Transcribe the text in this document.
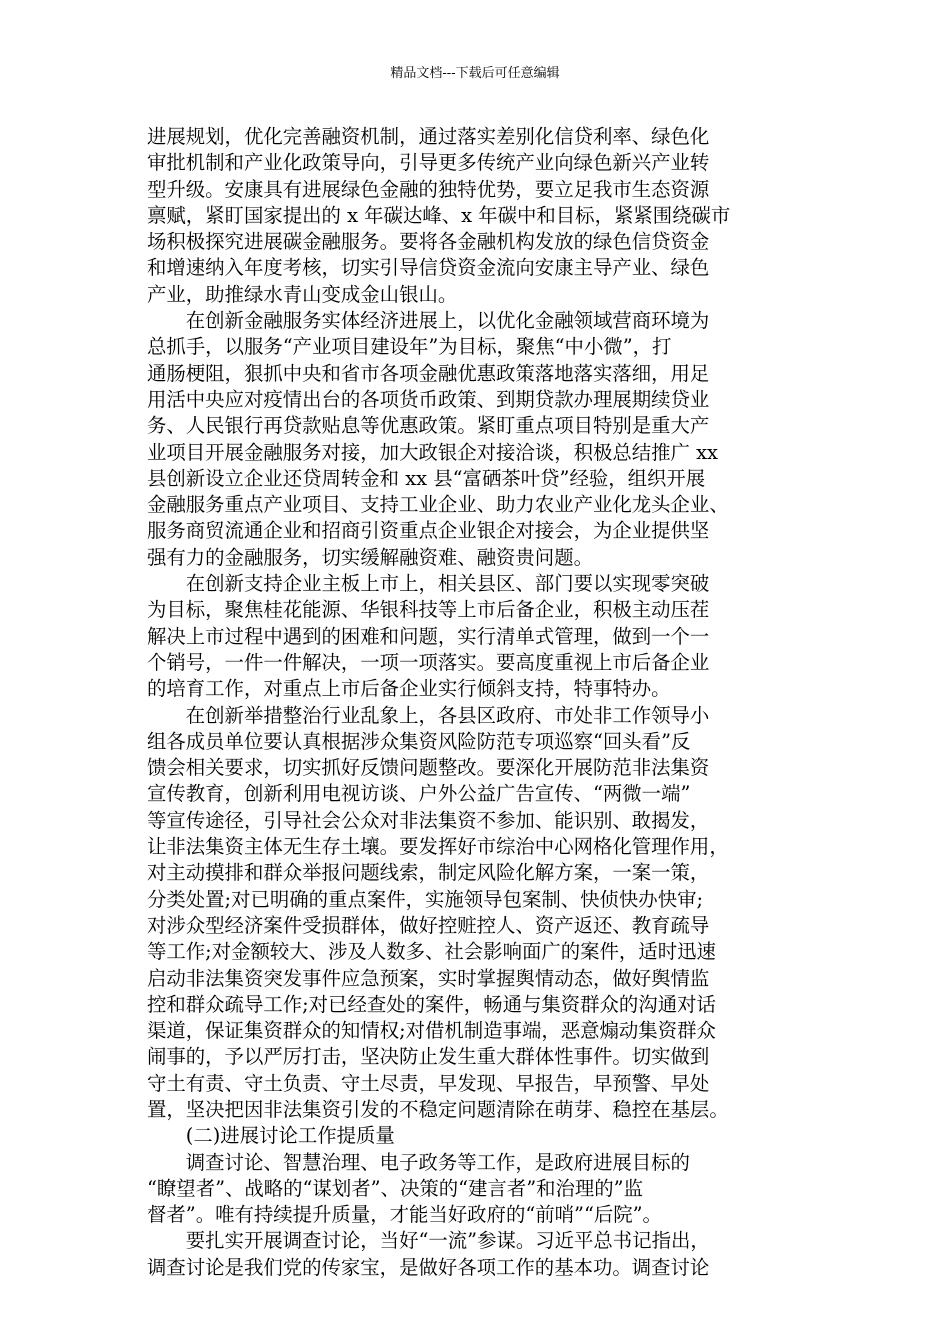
精品文档---下载后可任意编辑
进展规划，优化完善融资机制，通过落实差别化信贷利率、绿色化
审批机制和产业化政策导向，引导更多传统产业向绿色新兴产业转
型升级。安康具有进展绿色金融的独特优势，要立足我市生态资源
禀赋，紧盯国家提出的 x 年碳达峰、x 年碳中和目标，紧紧围绕碳市
场积极探究进展碳金融服务。要将各金融机构发放的绿色信贷资金
和增速纳入年度考核，切实引导信贷资金流向安康主导产业、绿色
产业，助推绿水青山变成金山银山。
　　在创新金融服务实体经济进展上，以优化金融领域营商环境为
总抓手，以服务“产业项目建设年”为目标，聚焦“中小微”，打
通肠梗阻，狠抓中央和省市各项金融优惠政策落地落实落细，用足
用活中央应对疫情出台的各项货币政策、到期贷款办理展期续贷业
务、人民银行再贷款贴息等优惠政策。紧盯重点项目特别是重大产
业项目开展金融服务对接，加大政银企对接洽谈，积极总结推广 xx
县创新设立企业还贷周转金和 xx 县“富硒茶叶贷”经验，组织开展
金融服务重点产业项目、支持工业企业、助力农业产业化龙头企业、
服务商贸流通企业和招商引资重点企业银企对接会，为企业提供坚
强有力的金融服务，切实缓解融资难、融资贵问题。
　　在创新支持企业主板上市上，相关县区、部门要以实现零突破
为目标，聚焦桂花能源、华银科技等上市后备企业，积极主动压茬
解决上市过程中遇到的困难和问题，实行清单式管理，做到一个一
个销号，一件一件解决，一项一项落实。要高度重视上市后备企业
的培育工作，对重点上市后备企业实行倾斜支持，特事特办。
　　在创新举措整治行业乱象上，各县区政府、市处非工作领导小
组各成员单位要认真根据涉众集资风险防范专项巡察“回头看”反
馈会相关要求，切实抓好反馈问题整改。要深化开展防范非法集资
宣传教育，创新利用电视访谈、户外公益广告宣传、“两微一端”
等宣传途径，引导社会公众对非法集资不参加、能识别、敢揭发，
让非法集资主体无生存土壤。要发挥好市综治中心网格化管理作用，
对主动摸排和群众举报问题线索，制定风险化解方案，一案一策，
分类处置;对已明确的重点案件，实施领导包案制、快侦快办快审;
对涉众型经济案件受损群体，做好控赃控人、资产返还、教育疏导
等工作;对金额较大、涉及人数多、社会影响面广的案件，适时迅速
启动非法集资突发事件应急预案，实时掌握舆情动态，做好舆情监
控和群众疏导工作;对已经查处的案件，畅通与集资群众的沟通对话
渠道，保证集资群众的知情权;对借机制造事端，恶意煽动集资群众
闹事的，予以严厉打击，坚决防止发生重大群体性事件。切实做到
守土有责、守土负责、守土尽责，早发现、早报告，早预警、早处
置，坚决把因非法集资引发的不稳定问题清除在萌芽、稳控在基层。
　　(二)进展讨论工作提质量
　　调查讨论、智慧治理、电子政务等工作，是政府进展目标的
“瞭望者”、战略的“谋划者”、决策的“建言者”和治理的”监
督者”。唯有持续提升质量，才能当好政府的“前哨”“后院”。
　　要扎实开展调查讨论，当好“一流”参谋。习近平总书记指出，
调查讨论是我们党的传家宝，是做好各项工作的基本功。调查讨论
